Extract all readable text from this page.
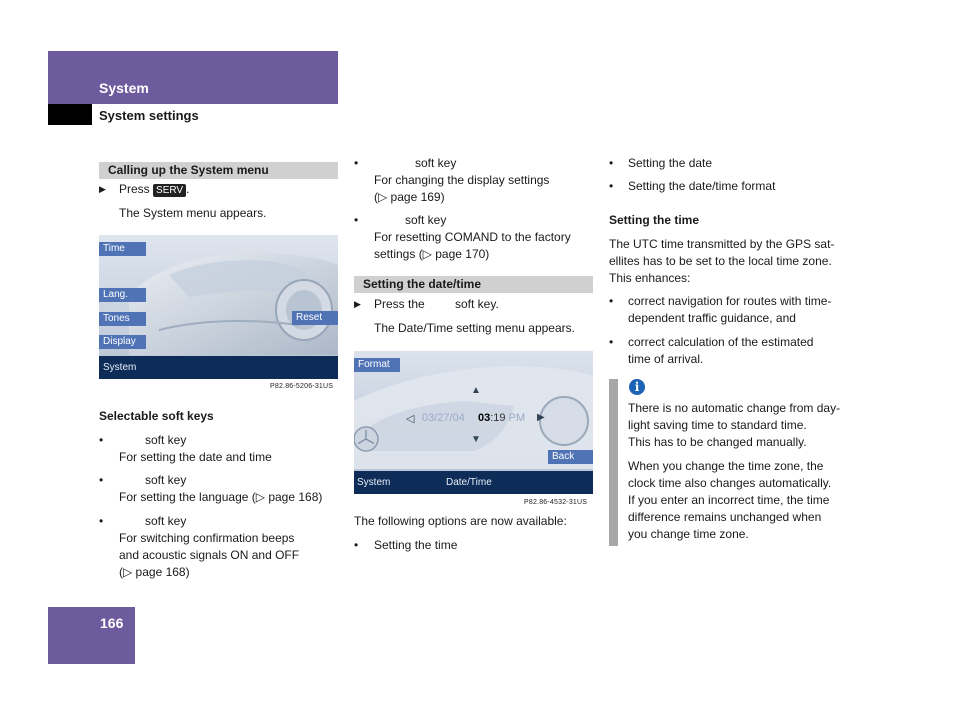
System
System settings
Calling up the System menu
▶ Press SERV .
The System menu appears.
Time
Lang.
Tones
Display
Reset
System
P82.86-5206-31US
Selectable soft keys
•	soft key
For setting the date and time
•	soft key
For setting the language (▷ page 168)
•	soft key
For switching confirmation beeps
and acoustic signals ON and OFF
(▷ page 168)
•	soft key
For changing the display settings
(▷ page 169)
•	soft key
For resetting COMAND to the factory
settings (▷ page 170)
Setting the date/time
▶ Press the	soft key.
The Date/Time setting menu appears.
Format
▲
◁ 03/27/04 03:19 PM ▶
▼
Back
System	Date/Time
P82.86-4532-31US
The following options are now available:
• Setting the time
• Setting the date
• Setting the date/time format
Setting the time
The UTC time transmitted by the GPS sat-
ellites has to be set to the local time zone.
This enhances:
• correct navigation for routes with time-
dependent traffic guidance, and
• correct calculation of the estimated
time of arrival.
i
There is no automatic change from day-
light saving time to standard time.
This has to be changed manually.
When you change the time zone, the
clock time also changes automatically.
If you enter an incorrect time, the time
difference remains unchanged when
you change time zone.
166
